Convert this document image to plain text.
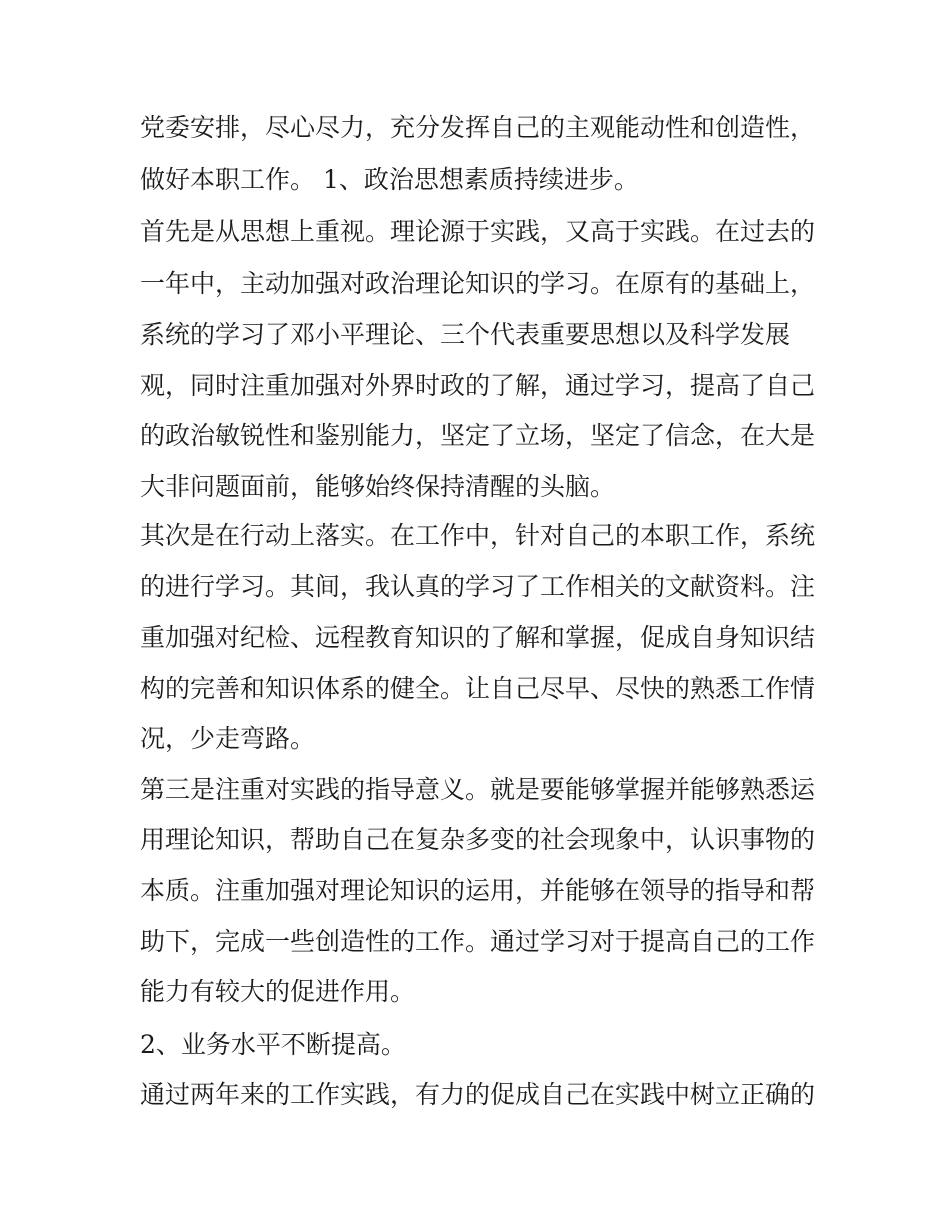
党委安排，尽心尽力，充分发挥自己的主观能动性和创造性，
做好本职工作。 1、政治思想素质持续进步。
首先是从思想上重视。理论源于实践，又高于实践。在过去的
一年中，主动加强对政治理论知识的学习。在原有的基础上，
系统的学习了邓小平理论、三个代表重要思想以及科学发展
观，同时注重加强对外界时政的了解，通过学习，提高了自己
的政治敏锐性和鉴别能力，坚定了立场，坚定了信念，在大是
大非问题面前，能够始终保持清醒的头脑。
其次是在行动上落实。在工作中，针对自己的本职工作，系统
的进行学习。其间，我认真的学习了工作相关的文献资料。注
重加强对纪检、远程教育知识的了解和掌握，促成自身知识结
构的完善和知识体系的健全。让自己尽早、尽快的熟悉工作情
况，少走弯路。
第三是注重对实践的指导意义。就是要能够掌握并能够熟悉运
用理论知识，帮助自己在复杂多变的社会现象中，认识事物的
本质。注重加强对理论知识的运用，并能够在领导的指导和帮
助下，完成一些创造性的工作。通过学习对于提高自己的工作
能力有较大的促进作用。
2、业务水平不断提高。
通过两年来的工作实践，有力的促成自己在实践中树立正确的
